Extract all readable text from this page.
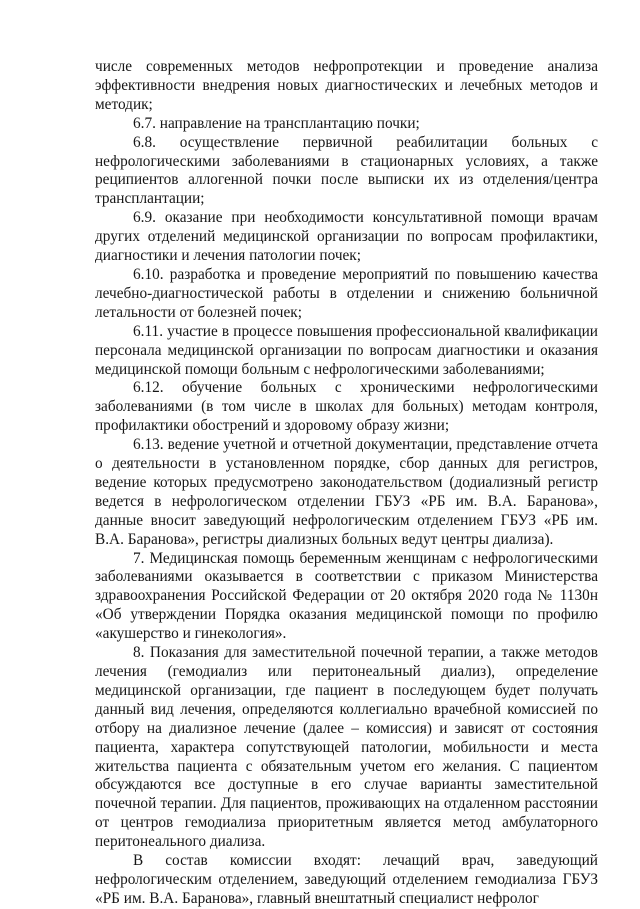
числе современных методов нефропротекции и проведение анализа эффективности внедрения новых диагностических и лечебных методов и методик;

6.7. направление на трансплантацию почки;

6.8. осуществление первичной реабилитации больных с нефрологическими заболеваниями в стационарных условиях, а также реципиентов аллогенной почки после выписки их из отделения/центра трансплантации;

6.9. оказание при необходимости консультативной помощи врачам других отделений медицинской организации по вопросам профилактики, диагностики и лечения патологии почек;

6.10. разработка и проведение мероприятий по повышению качества лечебно-диагностической работы в отделении и снижению больничной летальности от болезней почек;

6.11. участие в процессе повышения профессиональной квалификации персонала медицинской организации по вопросам диагностики и оказания медицинской помощи больным с нефрологическими заболеваниями;

6.12. обучение больных с хроническими нефрологическими заболеваниями (в том числе в школах для больных) методам контроля, профилактики обострений и здоровому образу жизни;

6.13. ведение учетной и отчетной документации, представление отчета о деятельности в установленном порядке, сбор данных для регистров, ведение которых предусмотрено законодательством (додиализный регистр ведется в нефрологическом отделении ГБУЗ «РБ им. В.А. Баранова», данные вносит заведующий нефрологическим отделением ГБУЗ «РБ им. В.А. Баранова», регистры диализных больных ведут центры диализа).

7. Медицинская помощь беременным женщинам с нефрологическими заболеваниями оказывается в соответствии с приказом Министерства здравоохранения Российской Федерации от 20 октября 2020 года № 1130н «Об утверждении Порядка оказания медицинской помощи по профилю «акушерство и гинекология».

8. Показания для заместительной почечной терапии, а также методов лечения (гемодиализ или перитонеальный диализ), определение медицинской организации, где пациент в последующем будет получать данный вид лечения, определяются коллегиально врачебной комиссией по отбору на диализное лечение (далее – комиссия) и зависят от состояния пациента, характера сопутствующей патологии, мобильности и места жительства пациента с обязательным учетом его желания. С пациентом обсуждаются все доступные в его случае варианты заместительной почечной терапии. Для пациентов, проживающих на отдаленном расстоянии от центров гемодиализа приоритетным является метод амбулаторного перитонеального диализа.

В состав комиссии входят: лечащий врач, заведующий нефрологическим отделением, заведующий отделением гемодиализа ГБУЗ «РБ им. В.А. Баранова», главный внештатный специалист нефролог
